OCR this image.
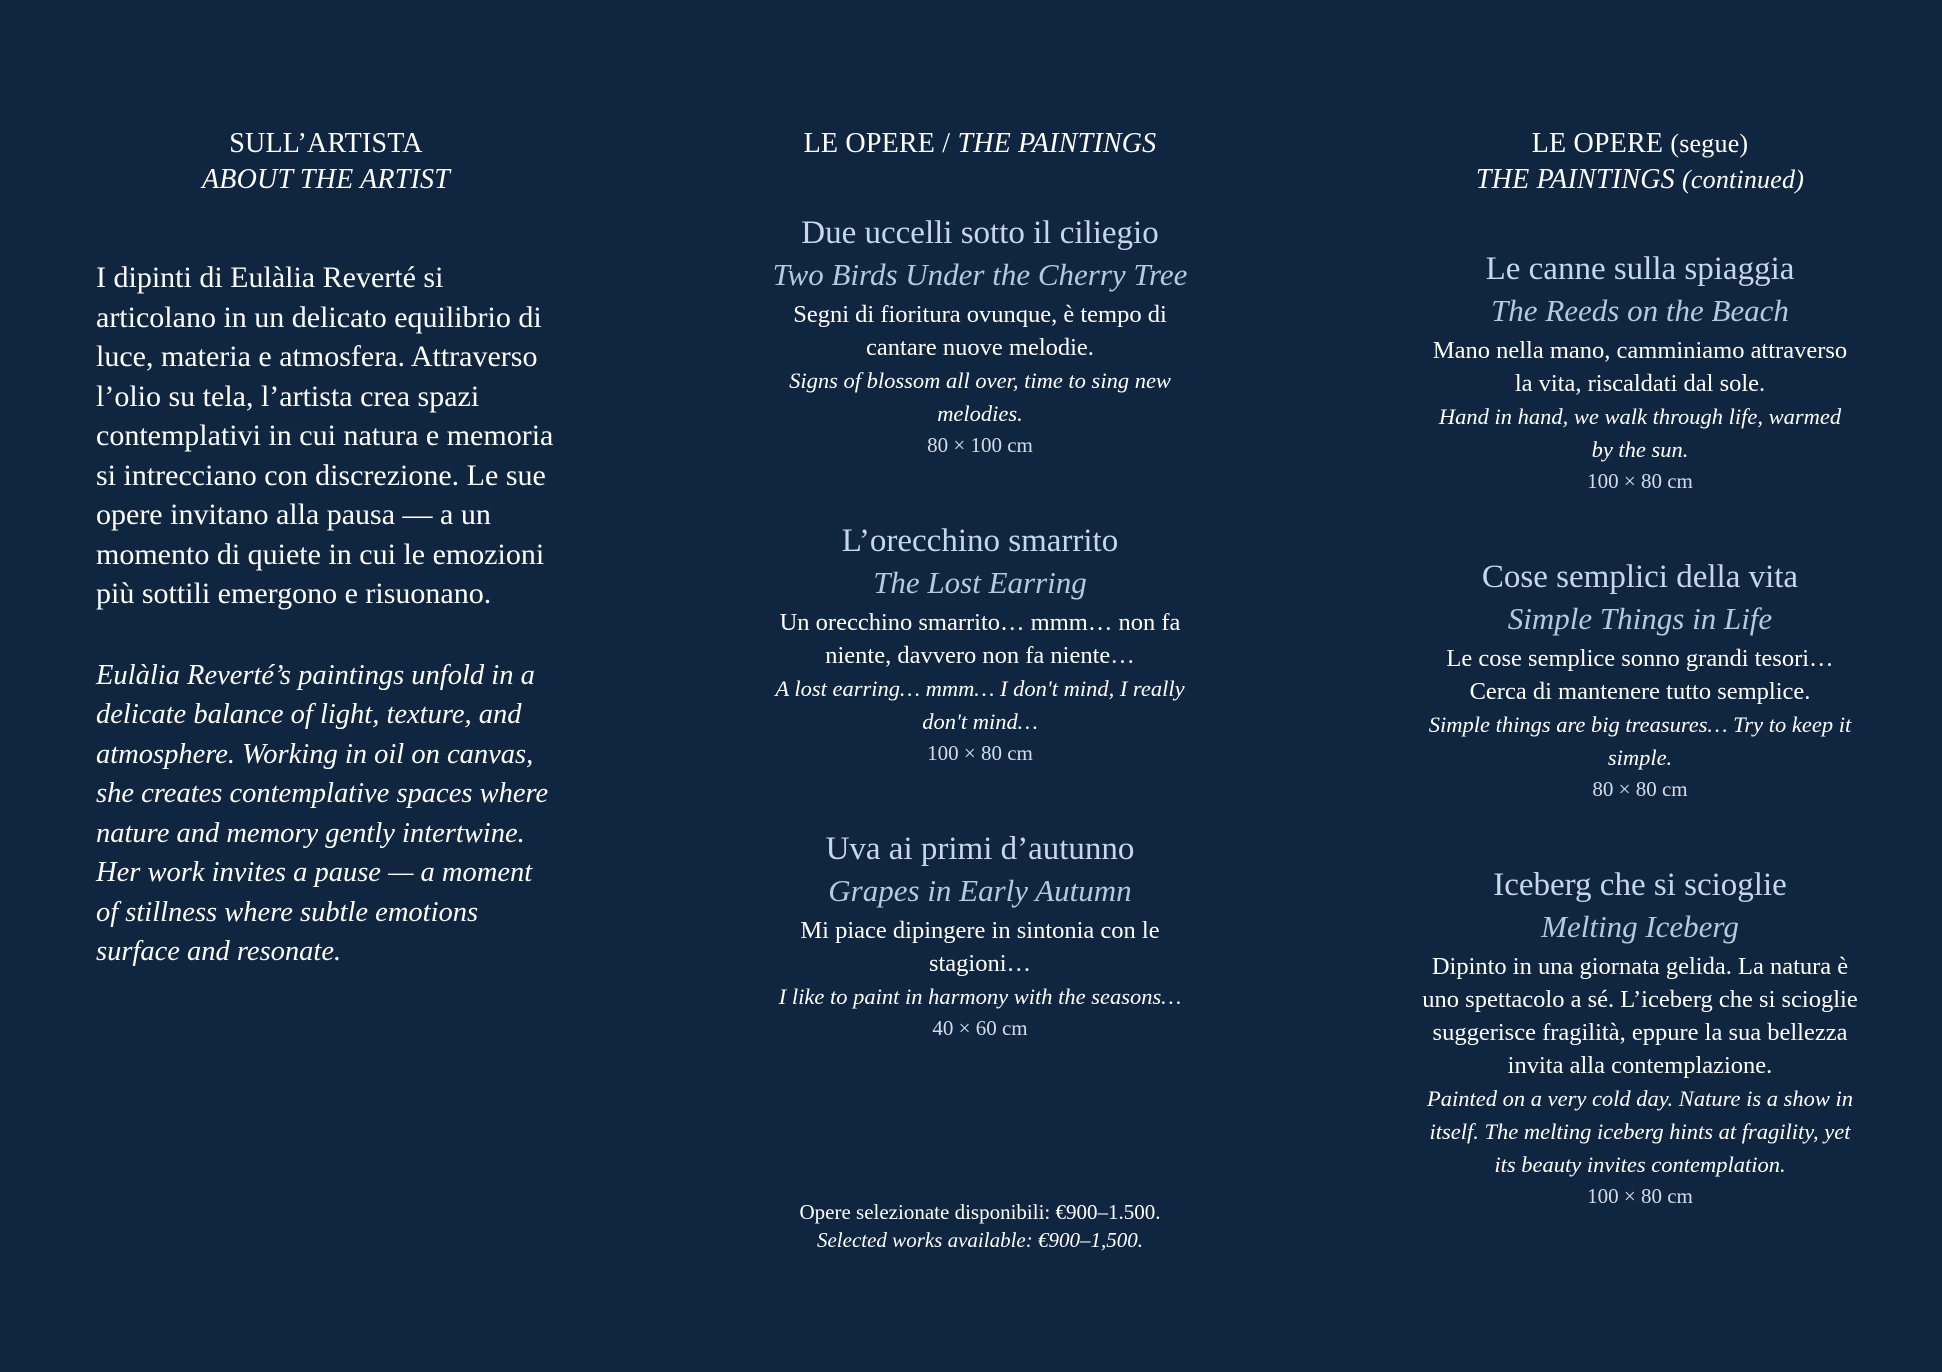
SULL’ARTISTA
ABOUT THE ARTIST
I dipinti di Eulàlia Reverté si articolano in un delicato equilibrio di luce, materia e atmosfera. Attraverso l’olio su tela, l’artista crea spazi contemplativi in cui natura e memoria si intrecciano con discrezione. Le sue opere invitano alla pausa — a un momento di quiete in cui le emozioni più sottili emergono e risuonano.
Eulàlia Reverté’s paintings unfold in a delicate balance of light, texture, and atmosphere. Working in oil on canvas, she creates contemplative spaces where nature and memory gently intertwine. Her work invites a pause — a moment of stillness where subtle emotions surface and resonate.
LE OPERE / THE PAINTINGS
Due uccelli sotto il ciliegio
Two Birds Under the Cherry Tree
Segni di fioritura ovunque, è tempo di cantare nuove melodie.
Signs of blossom all over, time to sing new melodies.
80 × 100 cm
L’orecchino smarrito
The Lost Earring
Un orecchino smarrito… mmm… non fa niente, davvero non fa niente…
A lost earring… mmm… I don't mind, I really don't mind…
100 × 80 cm
Uva ai primi d’autunno
Grapes in Early Autumn
Mi piace dipingere in sintonia con le stagioni…
I like to paint in harmony with the seasons…
40 × 60 cm
Opere selezionate disponibili: €900–1.500.
Selected works available: €900–1,500.
LE OPERE (segue)
THE PAINTINGS (continued)
Le canne sulla spiaggia
The Reeds on the Beach
Mano nella mano, camminiamo attraverso la vita, riscaldati dal sole.
Hand in hand, we walk through life, warmed by the sun.
100 × 80 cm
Cose semplici della vita
Simple Things in Life
Le cose semplice sonno grandi tesori… Cerca di mantenere tutto semplice.
Simple things are big treasures… Try to keep it simple.
80 × 80 cm
Iceberg che si scioglie
Melting Iceberg
Dipinto in una giornata gelida. La natura è uno spettacolo a sé. L’iceberg che si scioglie suggerisce fragilità, eppure la sua bellezza invita alla contemplazione.
Painted on a very cold day. Nature is a show in itself. The melting iceberg hints at fragility, yet its beauty invites contemplation.
100 × 80 cm
